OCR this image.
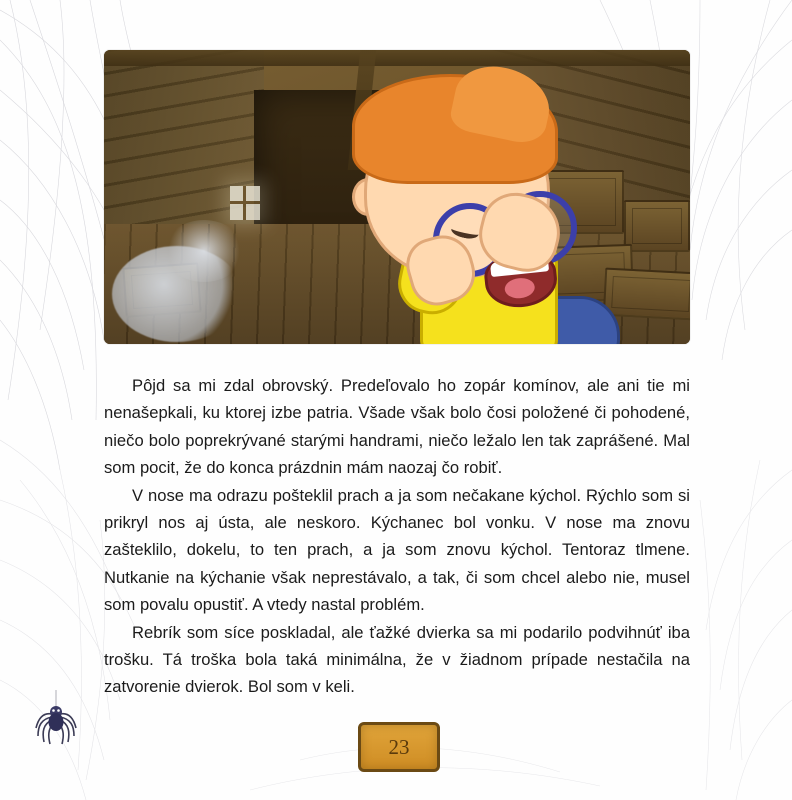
Pôjd sa mi zdal obrovský. Predeľovalo ho zopár komínov, ale ani tie mi nenašepkali, ku ktorej izbe patria. Všade však bolo čosi položené či pohodené, niečo bolo poprekrývané starými handrami, niečo ležalo len tak zaprášené. Mal som pocit, že do konca prázdnin mám naozaj čo robiť.

V nose ma odrazu pošteklil prach a ja som nečakane kýchol. Rýchlo som si prikryl nos aj ústa, ale neskoro. Kýchanec bol vonku. V nose ma znovu zašteklilo, dokelu, to ten prach, a ja som znovu kýchol. Tentoraz tlmene. Nutkanie na kýchanie však neprestávalo, a tak, či som chcel alebo nie, musel som povalu opustiť. A vtedy nastal problém.

Rebrík som síce poskladal, ale ťažké dvierka sa mi podarilo podvihnúť iba trošku. Tá troška bola taká minimálna, že v žiadnom prípade nestačila na zatvorenie dvierok. Bol som v keli.

23
